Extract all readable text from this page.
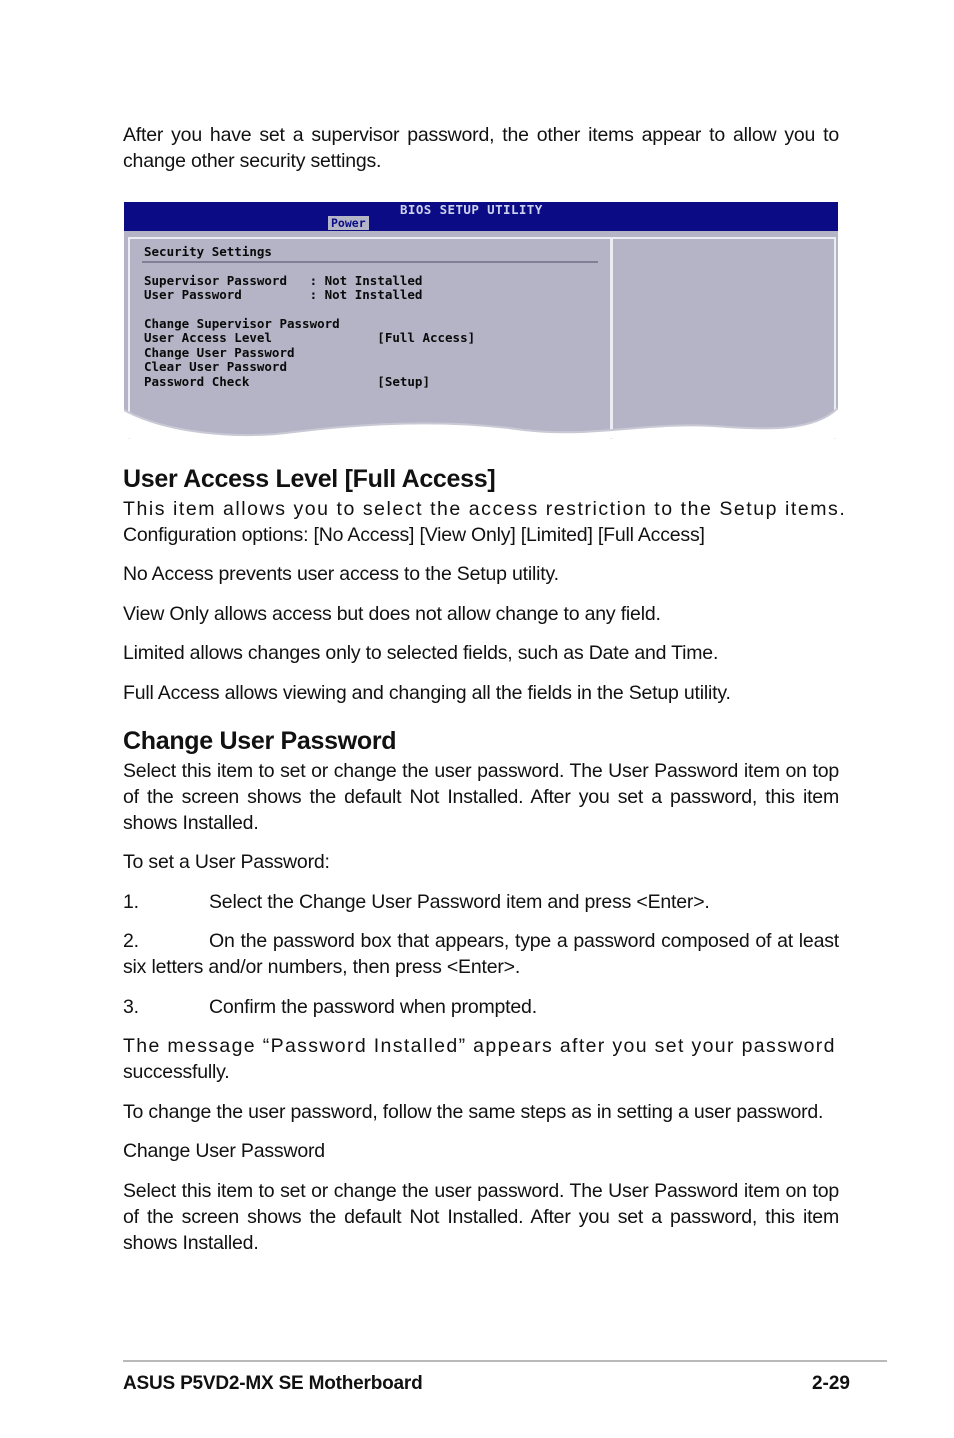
After you have set a supervisor password, the other items appear to allow you to change other security settings.

BIOS SETUP UTILITY
Power

Security Settings

Supervisor Password   : Not Installed

User Password         : Not Installed

Change Supervisor Password

User Access Level              [Full Access]

Change User Password

Clear User Password

Password Check                 [Setup]

User Access Level [Full Access]

This item allows you to select the access restriction to the Setup items.

Configuration options: [No Access] [View Only] [Limited] [Full Access]

No Access prevents user access to the Setup utility.

View Only allows access but does not allow change to any field.

Limited allows changes only to selected fields, such as Date and Time.

Full Access allows viewing and changing all the fields in the Setup utility.

Change User Password

Select this item to set or change the user password. The User Password item on top of the screen shows the default Not Installed. After you set a password, this item shows Installed.

To set a User Password:

1.	Select the Change User Password item and press <Enter>.

2.	On the password box that appears, type a password composed of at least six letters and/or numbers, then press <Enter>.

3.	Confirm the password when prompted.

The message “Password Installed” appears after you set your password

successfully.

To change the user password, follow the same steps as in setting a user password.

Change User Password

Select this item to set or change the user password. The User Password item on top of the screen shows the default Not Installed. After you set a password, this item shows Installed.

ASUS P5VD2-MX SE Motherboard	2-29
